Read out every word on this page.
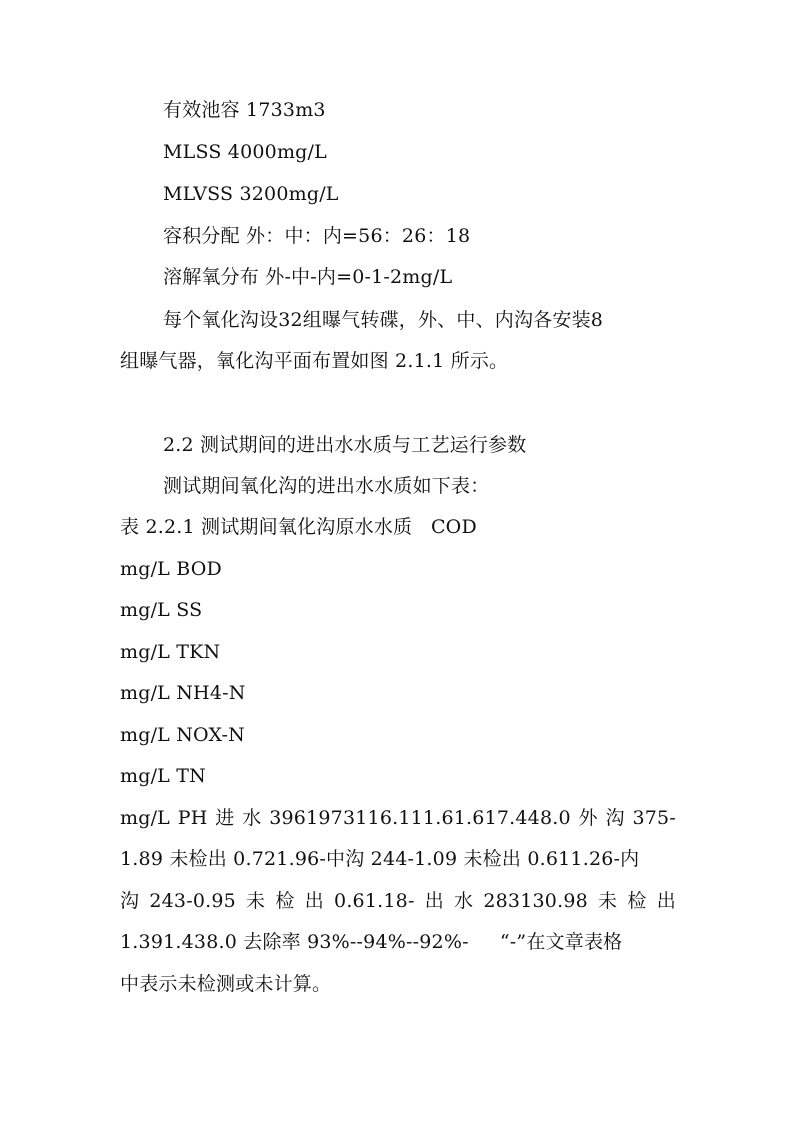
有效池容 1733m3
MLSS 4000mg/L
MLVSS 3200mg/L
容积分配 外：中：内=56：26：18
溶解氧分布 外-中-内=0-1-2mg/L
每个氧化沟设32组曝气转碟，外、中、内沟各安装8
组曝气器，氧化沟平面布置如图 2.1.1 所示。
2.2 测试期间的进出水水质与工艺运行参数
测试期间氧化沟的进出水水质如下表：
表 2.2.1 测试期间氧化沟原水水质   COD
mg/L BOD
mg/L SS
mg/L TKN
mg/L NH4-N
mg/L NOX-N
mg/L TN
mg/L PH 进 水 3961973116.111.61.617.448.0 外 沟 375-
1.89 未检出 0.721.96-中沟 244-1.09 未检出 0.611.26-内
沟 243-0.95 未 检 出 0.61.18- 出 水 283130.98 未 检 出
1.391.438.0 去除率 93%--94%--92%-     “-”在文章表格
中表示未检测或未计算。
